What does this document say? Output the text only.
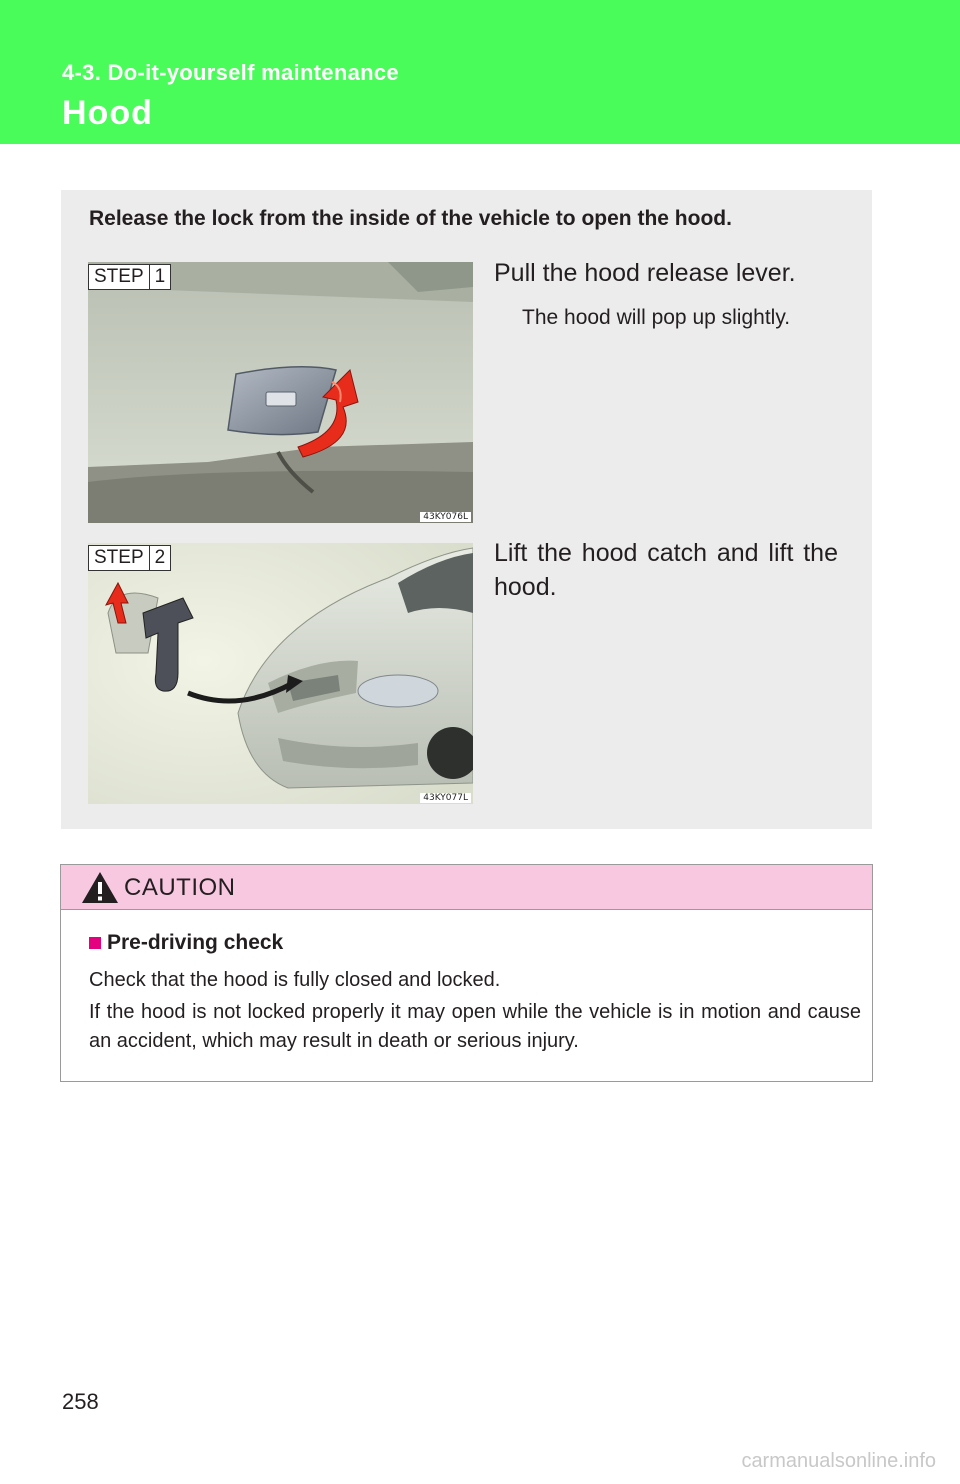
4-3. Do-it-yourself maintenance
Hood
Release the lock from the inside of the vehicle to open the hood.
STEP 1
43KY076L
Pull the hood release lever.
The hood will pop up slightly.
STEP 2
43KY077L
Lift the hood catch and lift the hood.
CAUTION
Pre-driving check
Check that the hood is fully closed and locked.
If the hood is not locked properly it may open while the vehicle is in motion and cause an accident, which may result in death or serious injury.
258
carmanualsonline.info
